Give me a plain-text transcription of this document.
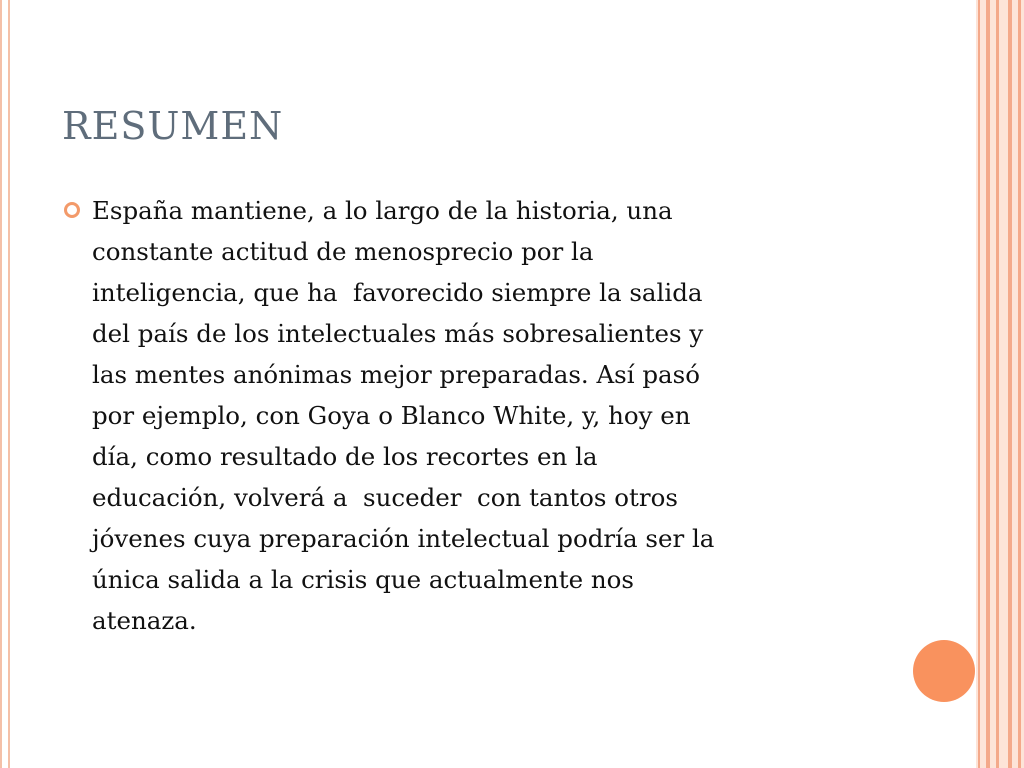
RESUMEN

España mantiene, a lo largo de la historia, una
constante actitud de menosprecio por la
inteligencia, que ha  favorecido siempre la salida
del país de los intelectuales más sobresalientes y
las mentes anónimas mejor preparadas. Así pasó
por ejemplo, con Goya o Blanco White, y, hoy en
día, como resultado de los recortes en la
educación, volverá a  suceder  con tantos otros
jóvenes cuya preparación intelectual podría ser la
única salida a la crisis que actualmente nos
atenaza.
